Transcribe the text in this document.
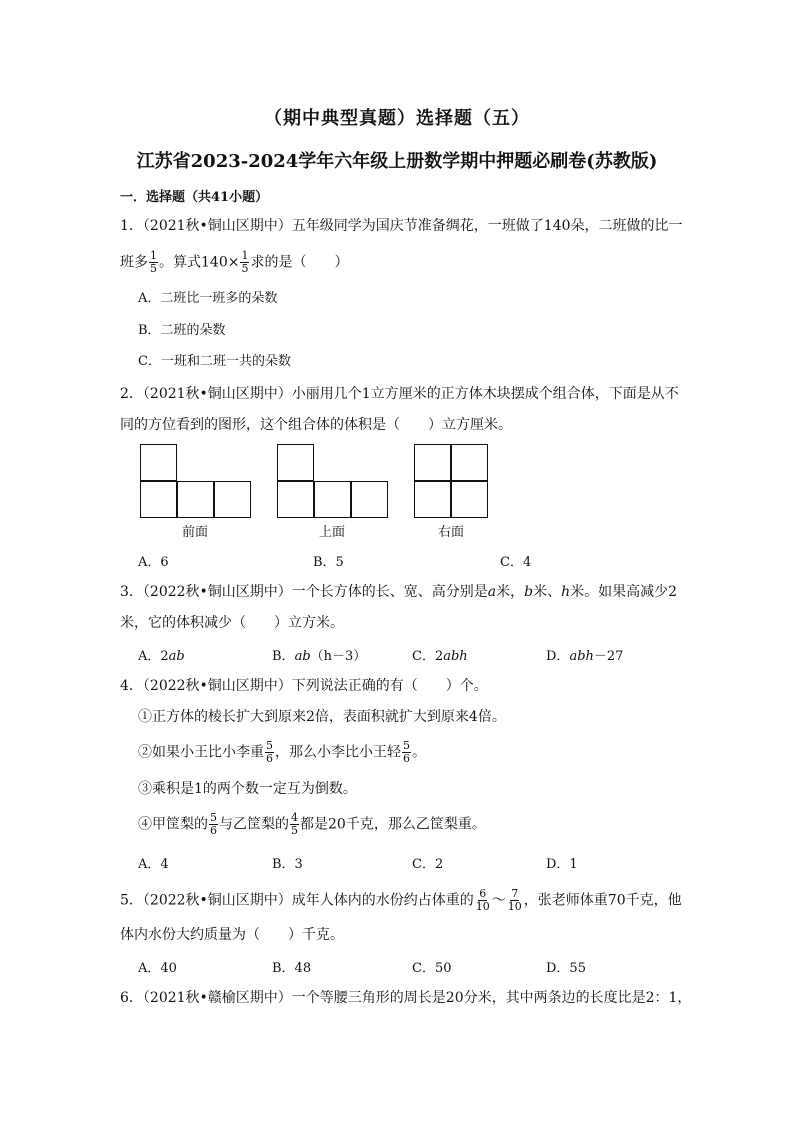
（期中典型真题）选择题（五）
江苏省2023-2024学年六年级上册数学期中押题必刷卷(苏教版)
一．选择题（共41小题）
1．（2021秋•铜山区期中）五年级同学为国庆节准备绸花，一班做了140朵，二班做的比一
班多 $\frac{1}{5}$ 。算式$140\times \frac{1}{5}$ 求的是（　　）
A．二班比一班多的朵数
B．二班的朵数
C．一班和二班一共的朵数
2．（2021秋•铜山区期中）小丽用几个1立方厘米的正方体木块摆成个组合体，下面是从不
同的方位看到的图形，这个组合体的体积是（　　）立方厘米。
前面	上面	右面
A．6	B．5	C．4
3．（2022秋•铜山区期中）一个长方体的长、宽、高分别是a米，b米、h米。如果高减少2
米，它的体积减少（　　）立方米。
A．2ab	B．ab（h－3）	C．2abh	D．abh－27
4．（2022秋•铜山区期中）下列说法正确的有（　　）个。
①正方体的棱长扩大到原来2倍，表面积就扩大到原来4倍。
②如果小王比小李重 $\frac{5}{6}$ ，那么小李比小王轻 $\frac{5}{6}$ 。
③乘积是1的两个数一定互为倒数。
④甲筐梨的 $\frac{5}{6}$ 与乙筐梨的 $\frac{4}{5}$ 都是20千克，那么乙筐梨重。
A．4	B．3	C．2	D．1
5．（2022秋•铜山区期中）成年人体内的水份约占体重的 $\frac{6}{10}$ ～ $\frac{7}{10}$ ，张老师体重70千克，他
体内水份大约质量为（　　）千克。
A．40	B．48	C．50	D．55
6．（2021秋•赣榆区期中）一个等腰三角形的周长是20分米，其中两条边的长度比是2：1，
